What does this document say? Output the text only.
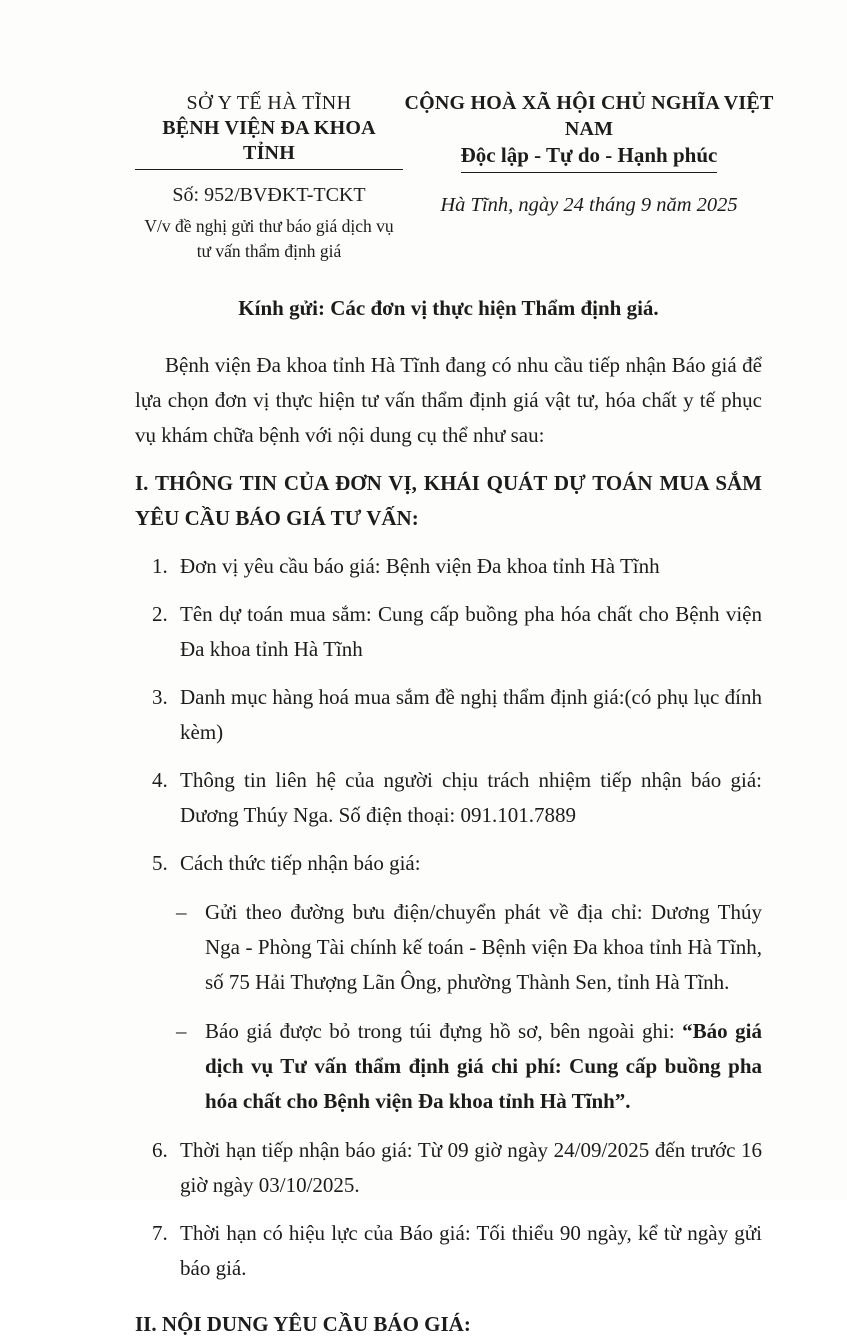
SỞ Y TẾ HÀ TĨNH
BỆNH VIỆN ĐA KHOA TỈNH
Số: 952/BVĐKT-TCKT
V/v đề nghị gửi thư báo giá dịch vụ tư vấn thẩm định giá
CỘNG HOÀ XÃ HỘI CHỦ NGHĨA VIỆT NAM
Độc lập - Tự do - Hạnh phúc
Hà Tĩnh, ngày 24 tháng 9 năm 2025
Kính gửi: Các đơn vị thực hiện Thẩm định giá.
Bệnh viện Đa khoa tỉnh Hà Tĩnh đang có nhu cầu tiếp nhận Báo giá để lựa chọn đơn vị thực hiện tư vấn thẩm định giá vật tư, hóa chất y tế phục vụ khám chữa bệnh với nội dung cụ thể như sau:
I. THÔNG TIN CỦA ĐƠN VỊ, KHÁI QUÁT DỰ TOÁN MUA SẮM YÊU CẦU BÁO GIÁ TƯ VẤN:
1. Đơn vị yêu cầu báo giá: Bệnh viện Đa khoa tỉnh Hà Tĩnh
2. Tên dự toán mua sắm: Cung cấp buồng pha hóa chất cho Bệnh viện Đa khoa tỉnh Hà Tĩnh
3. Danh mục hàng hoá mua sắm đề nghị thẩm định giá:(có phụ lục đính kèm)
4. Thông tin liên hệ của người chịu trách nhiệm tiếp nhận báo giá: Dương Thúy Nga. Số điện thoại: 091.101.7889
5. Cách thức tiếp nhận báo giá:
– Gửi theo đường bưu điện/chuyển phát về địa chỉ: Dương Thúy Nga - Phòng Tài chính kế toán - Bệnh viện Đa khoa tỉnh Hà Tĩnh, số 75 Hải Thượng Lãn Ông, phường Thành Sen, tỉnh Hà Tĩnh.
– Báo giá được bỏ trong túi đựng hồ sơ, bên ngoài ghi: “Báo giá dịch vụ Tư vấn thẩm định giá chi phí: Cung cấp buồng pha hóa chất cho Bệnh viện Đa khoa tỉnh Hà Tĩnh”.
6. Thời hạn tiếp nhận báo giá: Từ 09 giờ ngày 24/09/2025 đến trước 16 giờ ngày 03/10/2025.
7. Thời hạn có hiệu lực của Báo giá: Tối thiểu 90 ngày, kể từ ngày gửi báo giá.
II. NỘI DUNG YÊU CẦU BÁO GIÁ:
